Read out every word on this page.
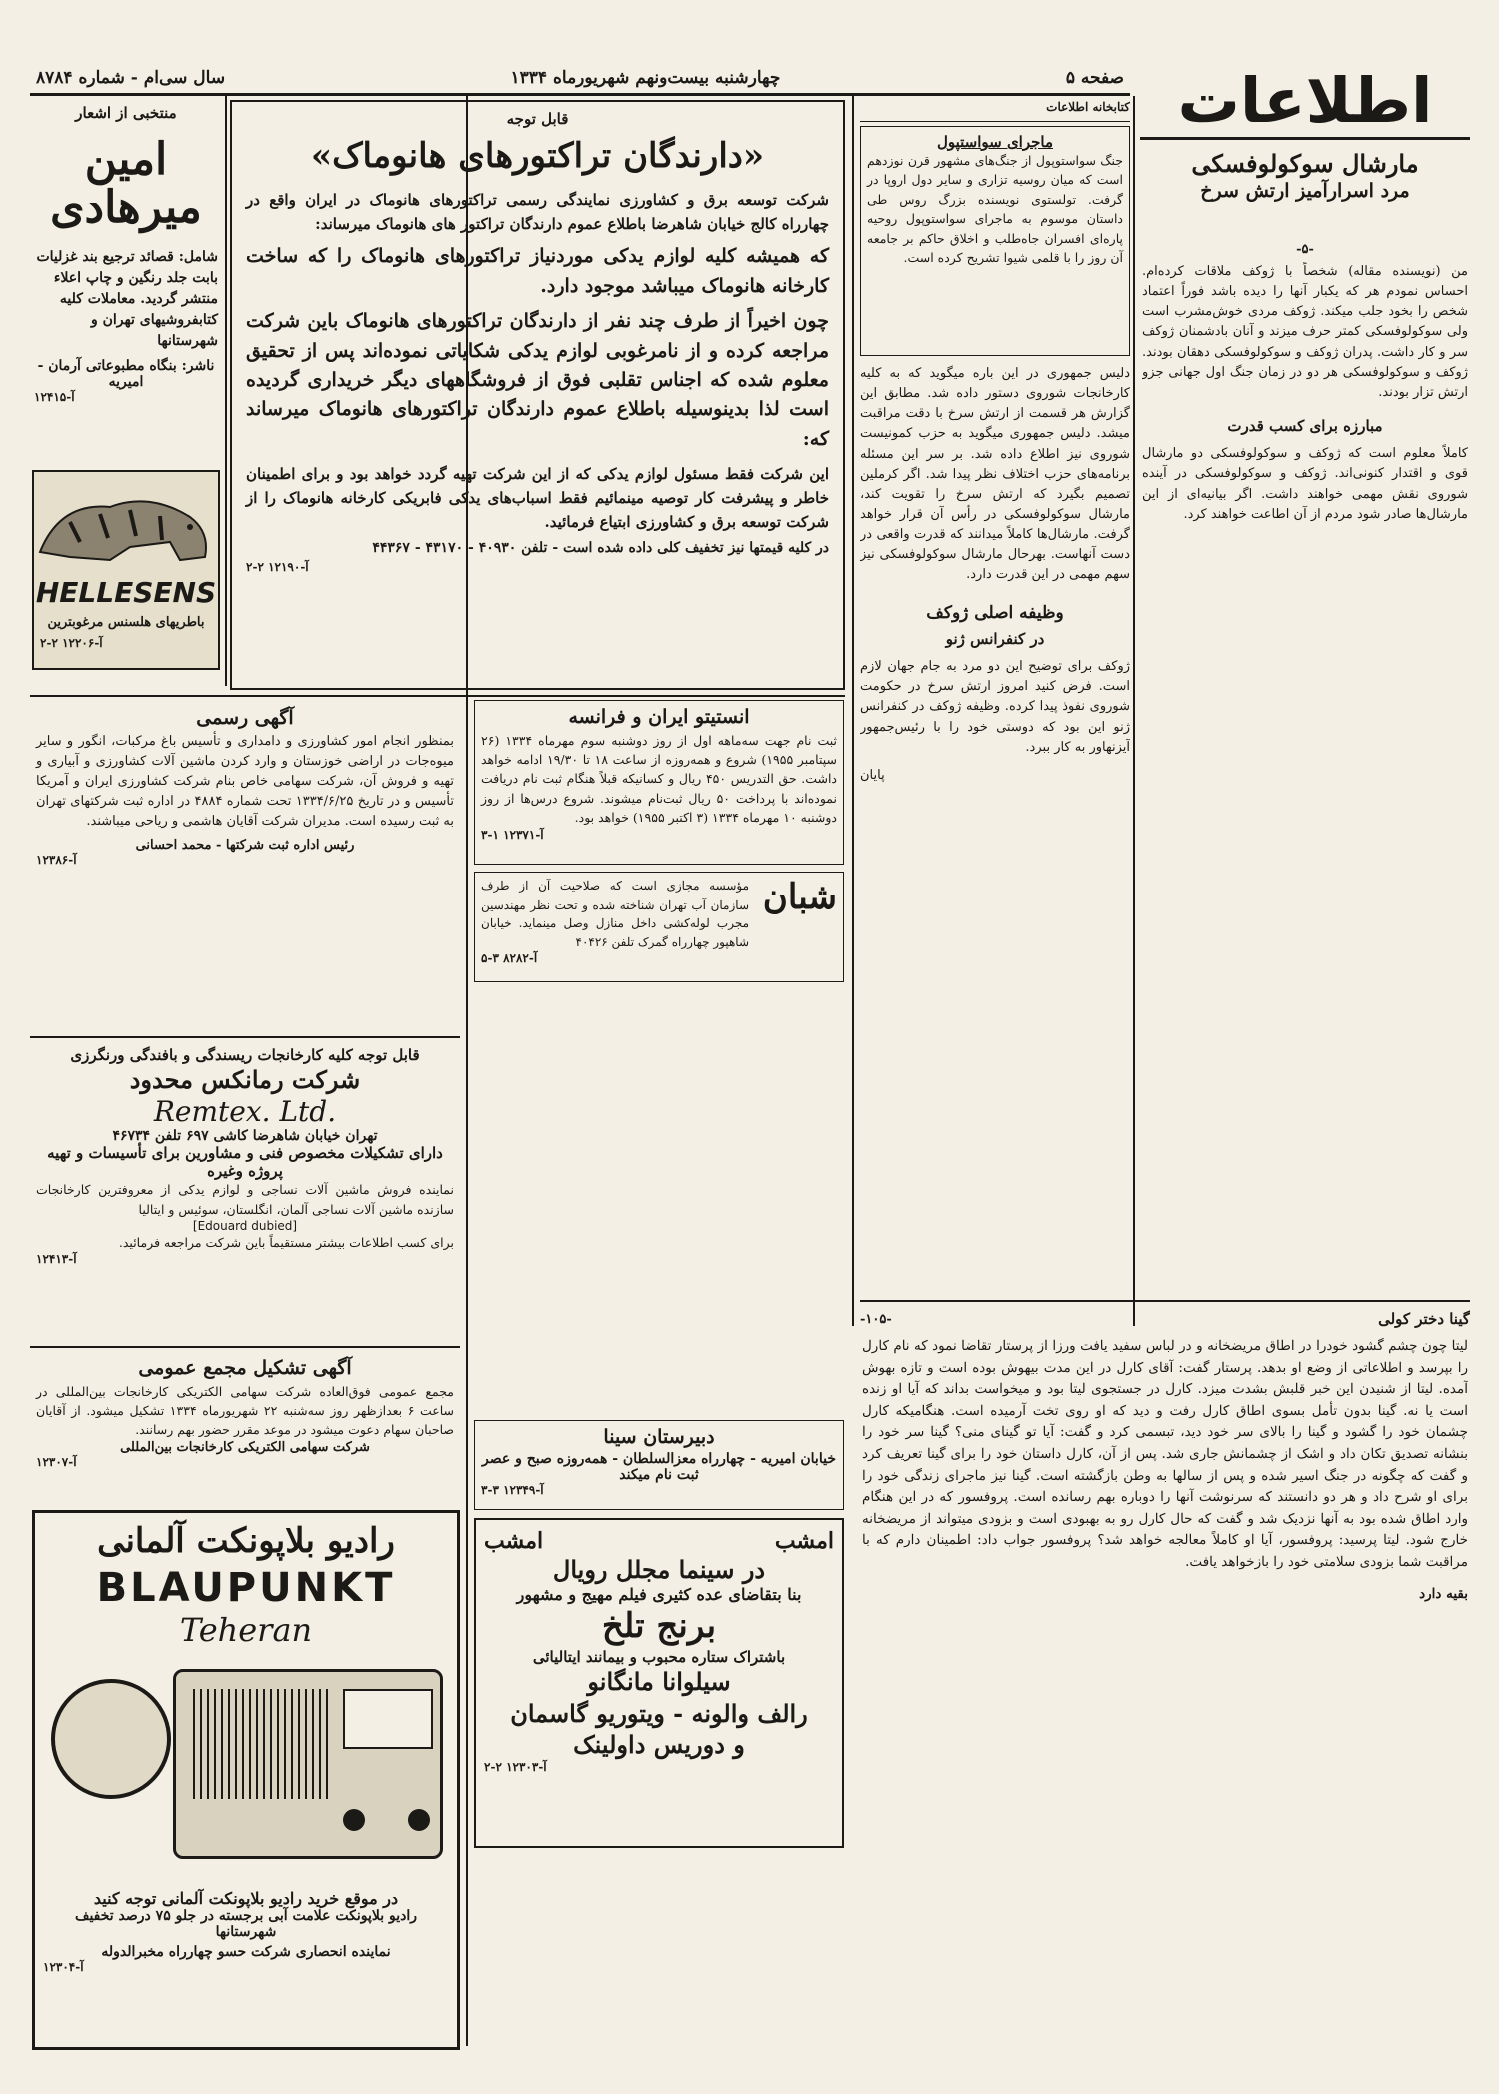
اطلاعات
صفحه ۵
چهارشنبه بیست‌ونهم شهریورماه ۱۳۳۴
سال سی‌ام - شماره ۸۷۸۴
مارشال سوکولوفسکی
مرد اسرارآمیز ارتش سرخ
-۵-

من (نویسنده مقاله) شخصاً با ژوکف ملاقات کرده‌ام. احساس نمودم هر که یکبار آنها را دیده باشد فوراً اعتماد شخص را بخود جلب میکند. ژوکف مردی خوش‌مشرب است ولی سوکولوفسکی کمتر حرف میزند و آنان بادشمنان ژوکف سر و کار داشت. پدران ژوکف و سوکولوفسکی دهقان بودند. ژوکف و سوکولوفسکی هر دو در زمان جنگ اول جهانی جزو ارتش تزار بودند.

مبارزه برای کسب قدرت

کاملاً معلوم است که ژوکف و سوکولوفسکی دو مارشال قوی و اقتدار کنونی‌اند. ژوکف و سوکولوفسکی در آینده شوروی نقش مهمی خواهند داشت. اگر بیانیه‌ای از این مارشال‌ها صادر شود مردم از آن اطاعت خواهند کرد.

کتابخانه اطلاعات
ماجرای سواستپول

جنگ سواستوپول از جنگ‌های مشهور قرن نوزدهم است که میان روسیه تزاری و سایر دول اروپا در گرفت. تولستوی نویسنده بزرگ روس طی داستان موسوم به ماجرای سواستوپول روحیه پاره‌ای افسران جاه‌طلب و اخلاق حاکم بر جامعه آن روز را با قلمی شیوا تشریح کرده است.

دلیس جمهوری در این باره میگوید که به کلیه کارخانجات شوروی دستور داده شد. مطابق این گزارش هر قسمت از ارتش سرخ با دقت مراقبت میشد. دلیس جمهوری میگوید به حزب کمونیست شوروی نیز اطلاع داده شد. بر سر این مسئله برنامه‌های حزب اختلاف نظر پیدا شد. اگر کرملین تصمیم بگیرد که ارتش سرخ را تقویت کند، مارشال سوکولوفسکی در رأس آن قرار خواهد گرفت. مارشال‌ها کاملاً میدانند که قدرت واقعی در دست آنهاست. بهرحال مارشال سوکولوفسکی نیز سهم مهمی در این قدرت دارد.

وظیفه اصلی ژوکف
در کنفرانس ژنو

ژوکف برای توضیح این دو مرد به جام جهان لازم است. فرض کنید امروز ارتش سرخ در حکومت شوروی نفوذ پیدا کرده. وظیفه ژوکف در کنفرانس ژنو این بود که دوستی خود را با رئیس‌جمهور آیزنهاور به کار ببرد.

پایان

قابل توجه
«دارندگان تراکتورهای هانوماک»

شرکت توسعه برق و کشاورزی نمایندگی رسمی تراکتورهای هانوماک در ایران واقع در چهارراه کالج خیابان شاهرضا باطلاع عموم دارندگان تراکتور های هانوماک میرساند:

که همیشه کلیه لوازم یدکی موردنیاز تراکتورهای هانوماک را که ساخت کارخانه هانوماک میباشد موجود دارد.

چون اخیراً از طرف چند نفر از دارندگان تراکتورهای هانوماک باین شرکت مراجعه کرده و از نامرغوبی لوازم یدکی شکایاتی نموده‌اند پس از تحقیق معلوم شده که اجناس تقلبی فوق از فروشگاههای دیگر خریداری گردیده است لذا بدینوسیله باطلاع عموم دارندگان تراکتورهای هانوماک میرساند که:

این شرکت فقط مسئول لوازم یدکی که از این شرکت تهیه گردد خواهد بود و برای اطمینان خاطر و پیشرفت کار توصیه مینمائیم فقط اسباب‌های یدکی فابریکی کارخانه هانوماک را از شرکت توسعه برق و کشاورزی ابتیاع فرمائید.

در کلیه قیمتها نیز تخفیف کلی داده شده است - تلفن ۴۰۹۳۰ - ۴۳۱۷۰ - ۴۴۳۶۷

آ-۱۲۱۹۰ ۲-۲
منتخبی از اشعار
امین میرهادی

شامل: قصائد ترجیع بند غزلیات بابت جلد رنگین و چاپ اعلاء منتشر گردید. معاملات کلیه کتابفروشیهای تهران و شهرستانها

ناشر: بنگاه مطبوعاتی آرمان - امیریه

آ-۱۲۴۱۵
HELLESENS
باطریهای هلسنس مرغوبترین
آ-۱۲۲۰۶ ۲-۲
آگهی رسمی

بمنظور انجام امور کشاورزی و دامداری و تأسیس باغ مرکبات، انگور و سایر میوه‌جات در اراضی خوزستان و وارد کردن ماشین آلات کشاورزی و آبیاری و تهیه و فروش آن، شرکت سهامی خاص بنام شرکت کشاورزی ایران و آمریکا تأسیس و در تاریخ ۱۳۳۴/۶/۲۵ تحت شماره ۴۸۸۴ در اداره ثبت شرکتهای تهران به ثبت رسیده است. مدیران شرکت آقایان هاشمی و ریاحی میباشند.

رئیس اداره ثبت شرکتها - محمد احسانی

آ-۱۲۳۸۶
قابل توجه کلیه کارخانجات ریسندگی و بافندگی ورنگرزی
شرکت رمانکس محدود
Remtex. Ltd.

تهران خیابان شاهرضا کاشی ۶۹۷ تلفن ۴۶۷۳۴

دارای تشکیلات مخصوص فنی و مشاورین برای تأسیسات و تهیه پروژه وغیره

نماینده فروش ماشین آلات نساجی و لوازم یدکی از معروفترین کارخانجات سازنده ماشین آلات نساجی آلمان، انگلستان، سوئیس و ایتالیا

[Edouard dubied]

برای کسب اطلاعات بیشتر مستقیماً باین شرکت مراجعه فرمائید.

آ-۱۲۴۱۳
آگهی تشکیل مجمع عمومی

مجمع عمومی فوق‌العاده شرکت سهامی الکتریکی کارخانجات بین‌المللی در ساعت ۶ بعدازظهر روز سه‌شنبه ۲۲ شهریورماه ۱۳۳۴ تشکیل میشود. از آقایان صاحبان سهام دعوت میشود در موعد مقرر حضور بهم رسانند.

شرکت سهامی الکتریکی کارخانجات بین‌المللی

آ-۱۲۳۰۷
رادیو بلاپونکت آلمانی
BLAUPUNKT
Teheran

در موقع خرید رادیو بلاپونکت آلمانی توجه کنید

رادیو بلاپونکت علامت آبی برجسته در جلو ۷۵ درصد تخفیف شهرستانها

نماینده انحصاری شرکت حسو چهارراه مخبرالدوله

آ-۱۲۳۰۴
انستیتو ایران و فرانسه

ثبت نام جهت سه‌ماهه اول از روز دوشنبه سوم مهرماه ۱۳۳۴ (۲۶ سپتامبر ۱۹۵۵) شروع و همه‌روزه از ساعت ۱۸ تا ۱۹/۳۰ ادامه خواهد داشت. حق التدریس ۴۵۰ ریال و کسانیکه قبلاً هنگام ثبت نام دریافت نموده‌اند با پرداخت ۵۰ ریال ثبت‌نام میشوند. شروع درس‌ها از روز دوشنبه ۱۰ مهرماه ۱۳۳۴ (۳ اکتبر ۱۹۵۵) خواهد بود.

آ-۱۲۳۷۱ ۱-۳
شبان

مؤسسه مجازی است که صلاحیت آن از طرف سازمان آب تهران شناخته شده و تحت نظر مهندسین مجرب لوله‌کشی داخل منازل وصل مینماید. خیابان شاهپور چهارراه گمرک تلفن ۴۰۴۲۶

آ-۸۲۸۲ ۳-۵

دبیرستان سینا

خیابان امیریه - چهارراه معزالسلطان - همه‌روزه صبح و عصر ثبت نام میکند

آ-۱۲۳۴۹ ۳-۳
امشب
امشب
در سینما مجلل رویال

بنا بتقاضای عده کثیری فیلم مهیج و مشهور

برنج تلخ

باشتراک ستاره محبوب و بیمانند ایتالیائی

سیلوانا مانگانو
رالف والونه - ویتوریو گاسمان
و دوریس داولینک
آ-۱۲۳۰۳ ۲-۲
گینا دختر کولی
-۱۰۵-

لیتا چون چشم گشود خودرا در اطاق مریضخانه و در لباس سفید یافت ورزا از پرستار تقاضا نمود که نام کارل را بپرسد و اطلاعاتی از وضع او بدهد. پرستار گفت: آقای کارل در این مدت بیهوش بوده است و تازه بهوش آمده. لیتا از شنیدن این خبر قلبش بشدت میزد. کارل در جستجوی لیتا بود و میخواست بداند که آیا او زنده است یا نه. گینا بدون تأمل بسوی اطاق کارل رفت و دید که او روی تخت آرمیده است. هنگامیکه کارل چشمان خود را گشود و گینا را بالای سر خود دید، تبسمی کرد و گفت: آیا تو گینای منی؟ گینا سر خود را بنشانه تصدیق تکان داد و اشک از چشمانش جاری شد. پس از آن، کارل داستان خود را برای گینا تعریف کرد و گفت که چگونه در جنگ اسیر شده و پس از سالها به وطن بازگشته است. گینا نیز ماجرای زندگی خود را برای او شرح داد و هر دو دانستند که سرنوشت آنها را دوباره بهم رسانده است. پروفسور که در این هنگام وارد اطاق شده بود به آنها نزدیک شد و گفت که حال کارل رو به بهبودی است و بزودی میتواند از مریضخانه خارج شود. لیتا پرسید: پروفسور، آیا او کاملاً معالجه خواهد شد؟ پروفسور جواب داد: اطمینان دارم که با مراقبت شما بزودی سلامتی خود را بازخواهد یافت.

بقیه دارد
